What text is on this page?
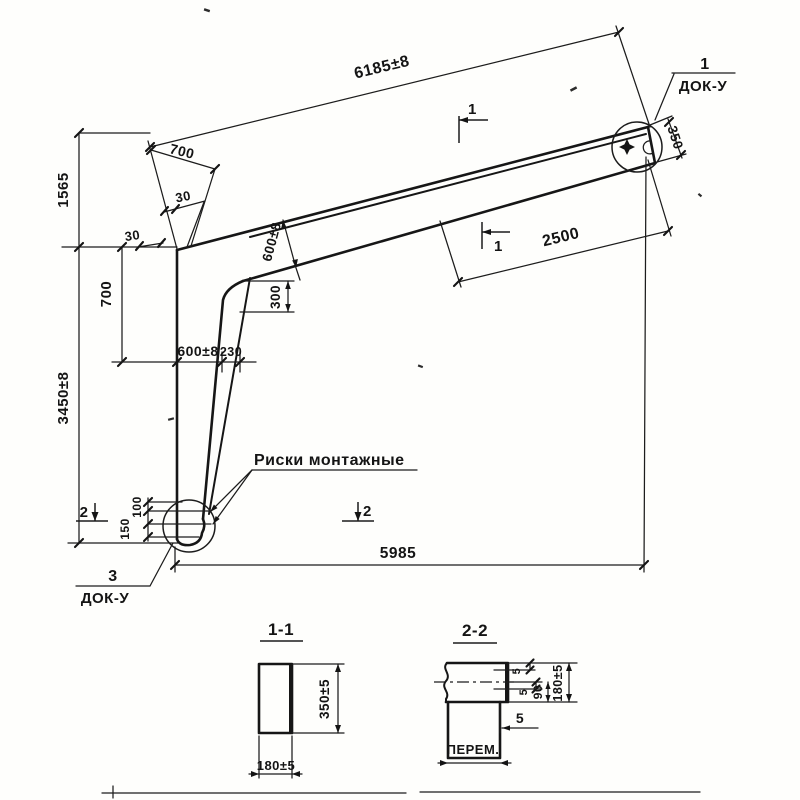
6185±8
1565
3450±8
700
600±8 230
30
700
30
600±8
300
2500
350
5985
100
150
Риски монтажные
2	2
1
1
1
ДОК-У
3
ДОК-У
1-1
350±5
180±5
2-2
ПЕРЕМ.
5
5
5 90 180±5
